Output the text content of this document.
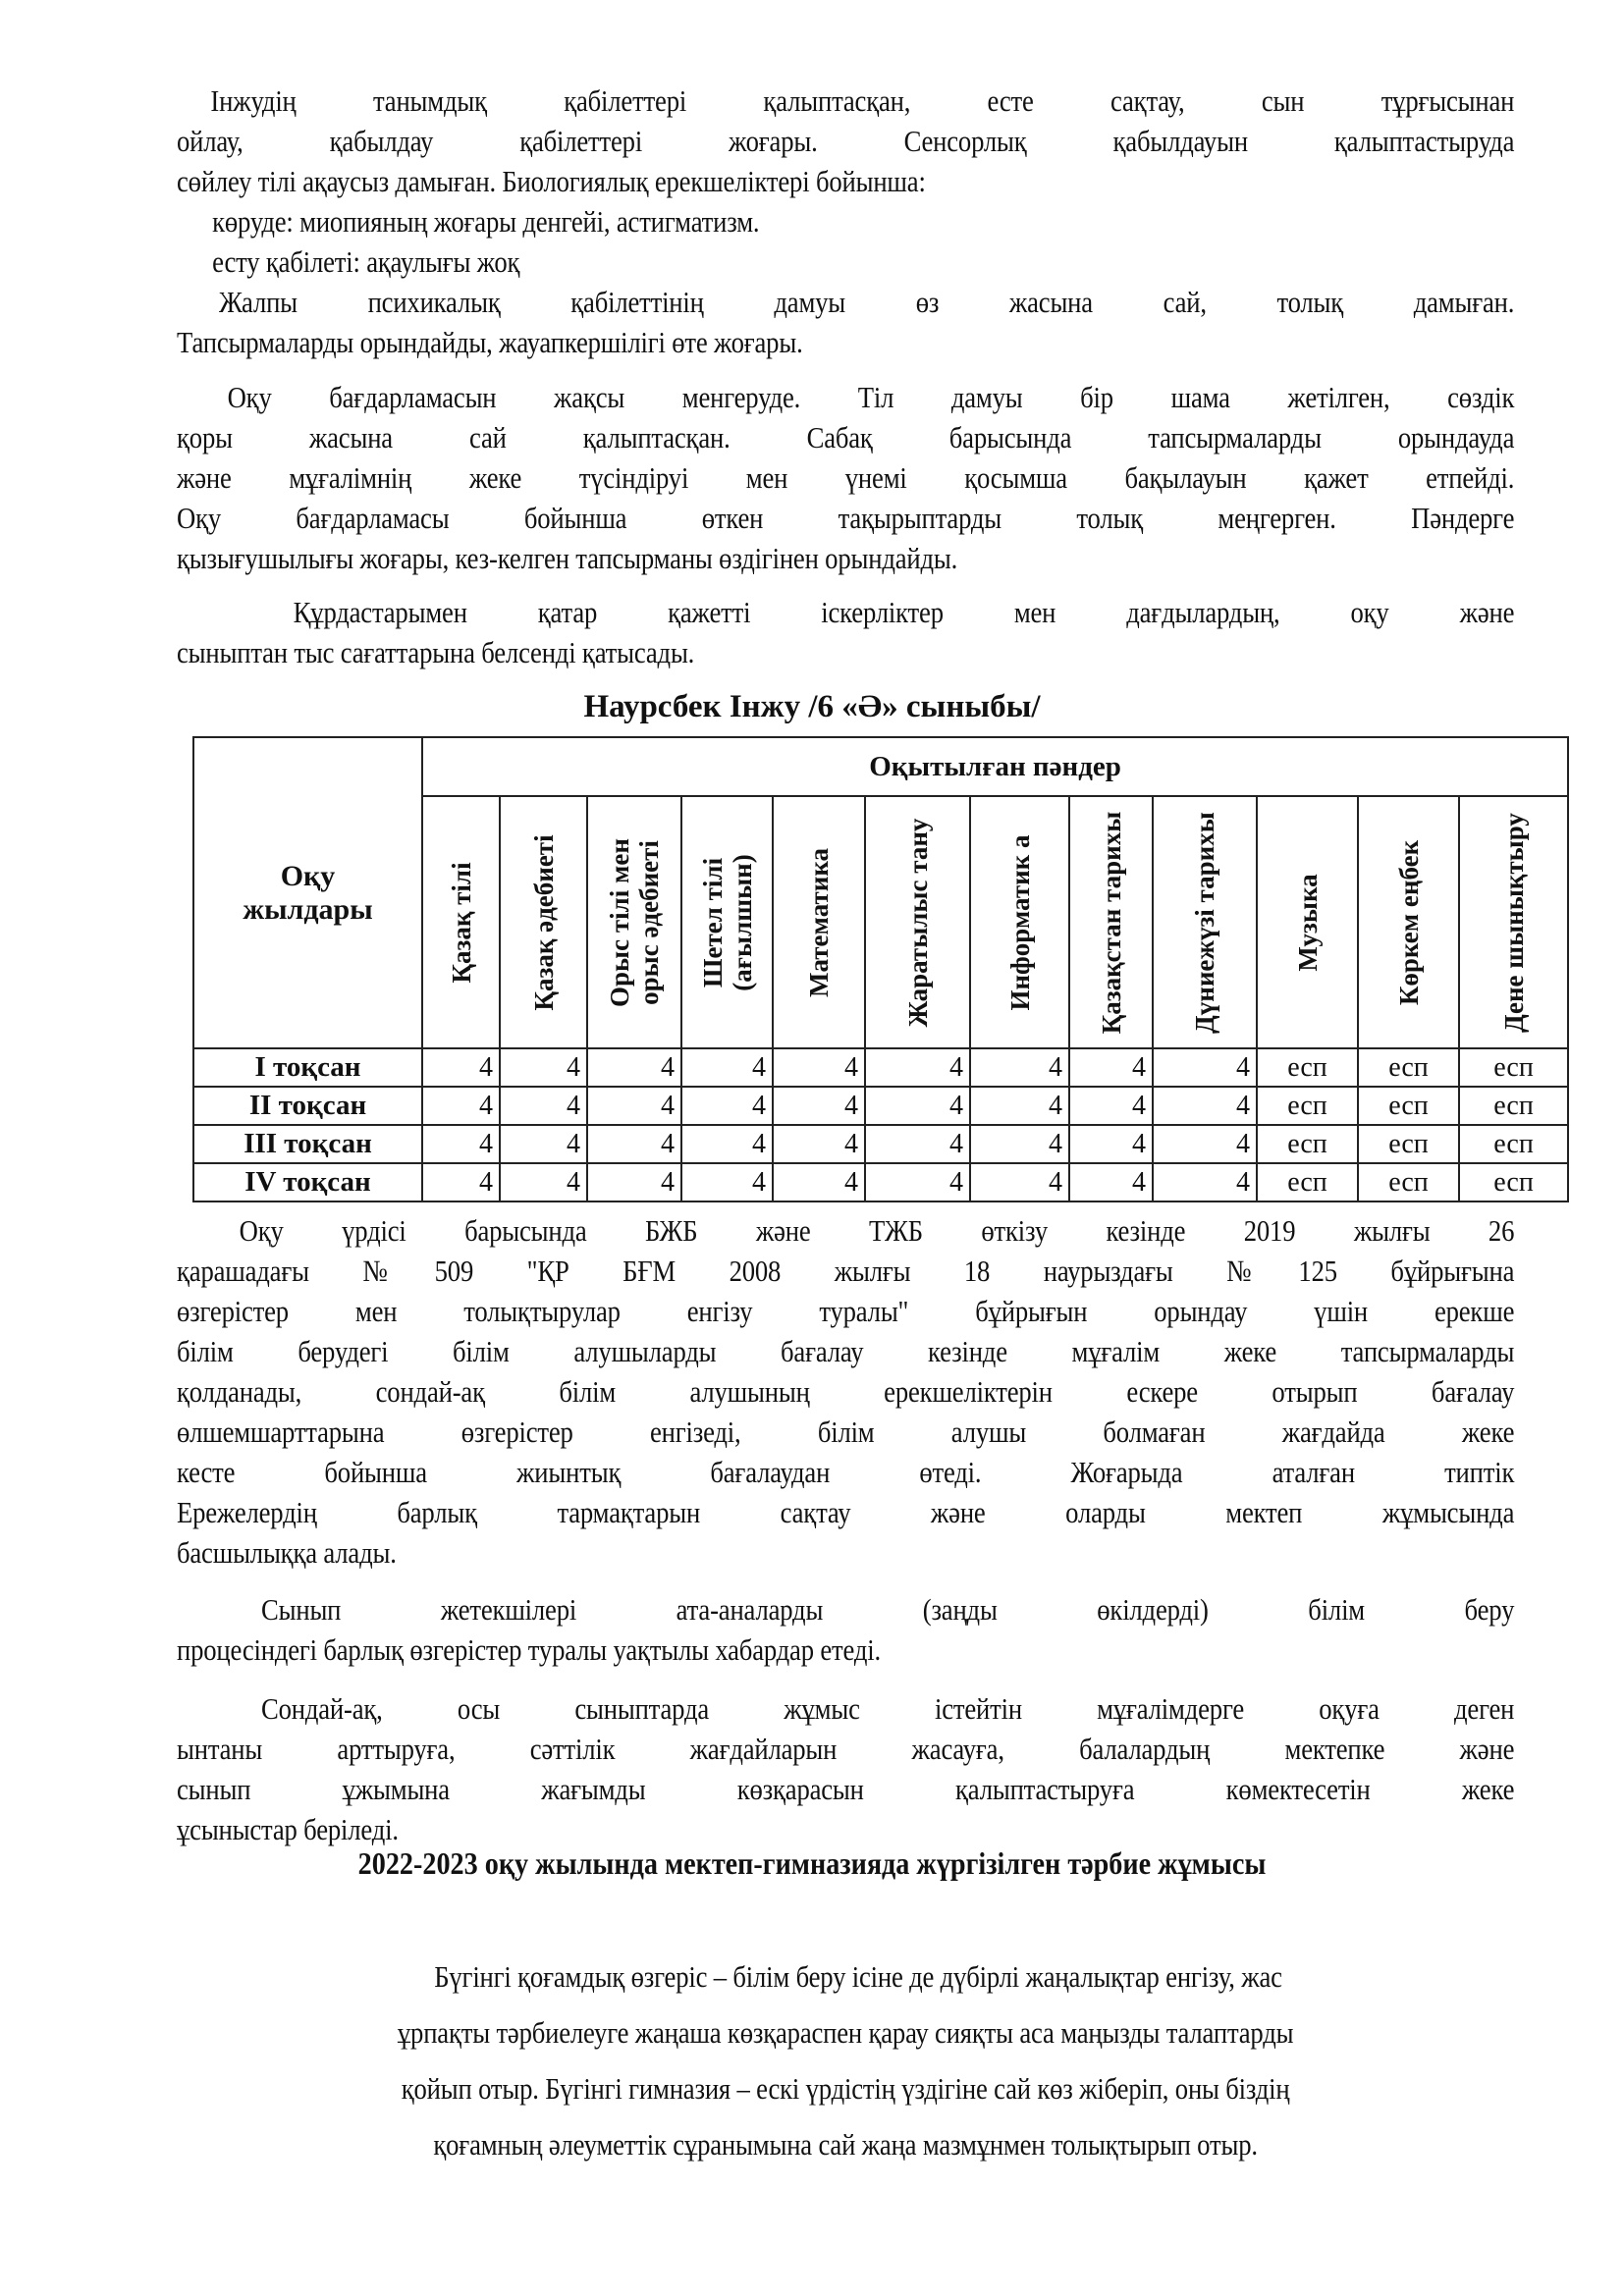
Інжудің танымдық қабілеттері қалыптасқан, есте сақтау, сын тұрғысынан
ойлау, қабылдау қабілеттері жоғары. Сенсорлық қабылдауын қалыптастыруда
сөйлеу тілі ақаусыз дамыған. Биологиялық ерекшеліктері бойынша:
көруде: миопияның жоғары денгейі, астигматизм.
есту қабілеті: ақаулығы жоқ
Жалпы психикалық қабілеттінің дамуы өз жасына сай, толық дамыған.
Тапсырмаларды орындайды, жауапкершілігі өте жоғары.
Оқу бағдарламасын жақсы менгеруде. Тіл дамуы бір шама жетілген, сөздік
қоры жасына сай қалыптасқан. Сабақ барысында тапсырмаларды орындауда
және мұғалімнің жеке түсіндіруі мен үнемі қосымша бақылауын қажет етпейді.
Оқу бағдарламасы бойынша өткен тақырыптарды толық меңгерген. Пәндерге
қызығушылығы жоғары, кез-келген тапсырманы өздігінен орындайды.
Құрдастарымен қатар қажетті іскерліктер мен дағдылардың, оқу және
сыныптан тыс сағаттарына белсенді қатысады.
Наурсбек Інжу /6 «Ә» сыныбы/
Оқу жылдары	Оқытылған пәндер											

	Қазақ тілі	Қазақ әдебиеті	Орыс тілі мен орыс әдебиеті	Шетел тілі (ағылшын)	Математика	Жаратылыс тану	Информатик а	Қазақстан тарихы	Дүниежүзі тарихы	Музыка	Көркем еңбек	Дене шынықтыру

І тоқсан	4	4	4	4	4	4	4	4	4	есп	есп	есп
ІІ тоқсан	4	4	4	4	4	4	4	4	4	есп	есп	есп
ІІІ тоқсан	4	4	4	4	4	4	4	4	4	есп	есп	есп
ІV тоқсан	4	4	4	4	4	4	4	4	4	есп	есп	есп
Оқу үрдісі барысында БЖБ және ТЖБ өткізу кезінде 2019 жылғы 26
қарашадағы №509 "ҚР БҒМ 2008 жылғы 18 наурыздағы №125 бұйрығына
өзгерістер мен толықтырулар енгізу туралы" бұйрығын орындау үшін ерекше
білім берудегі білім алушыларды бағалау кезінде мұғалім жеке тапсырмаларды
қолданады, сондай-ақ білім алушының ерекшеліктерін ескере отырып бағалау
өлшемшарттарына өзгерістер енгізеді, білім алушы болмаған жағдайда жеке
кесте бойынша жиынтық бағалаудан өтеді. Жоғарыда аталған типтік
Ережелердің барлық тармақтарын сақтау және оларды мектеп жұмысында
басшылыққа алады.
Сынып жетекшілері ата-аналарды (заңды өкілдерді) білім беру
процесіндегі барлық өзгерістер туралы уақтылы хабардар етеді.
Сондай-ақ, осы сыныптарда жұмыс істейтін мұғалімдерге оқуға деген
ынтаны арттыруға, сәттілік жағдайларын жасауға, балалардың мектепке және
сынып ұжымына жағымды көзқарасын қалыптастыруға көмектесетін жеке
ұсыныстар беріледі.
2022-2023 оқу жылында мектеп-гимназияда жүргізілген тәрбие жұмысы
Бүгінгі қоғамдық өзгеріс – білім беру ісіне де дүбірлі жаңалықтар енгізу, жас
ұрпақты тәрбиелеуге жаңаша көзқараспен қарау сияқты аса маңызды талаптарды
қойып отыр. Бүгінгі гимназия – ескі үрдістің үздігіне сай көз жіберіп, оны біздің
қоғамның әлеуметтік сұранымына сай жаңа мазмұнмен толықтырып отыр.
